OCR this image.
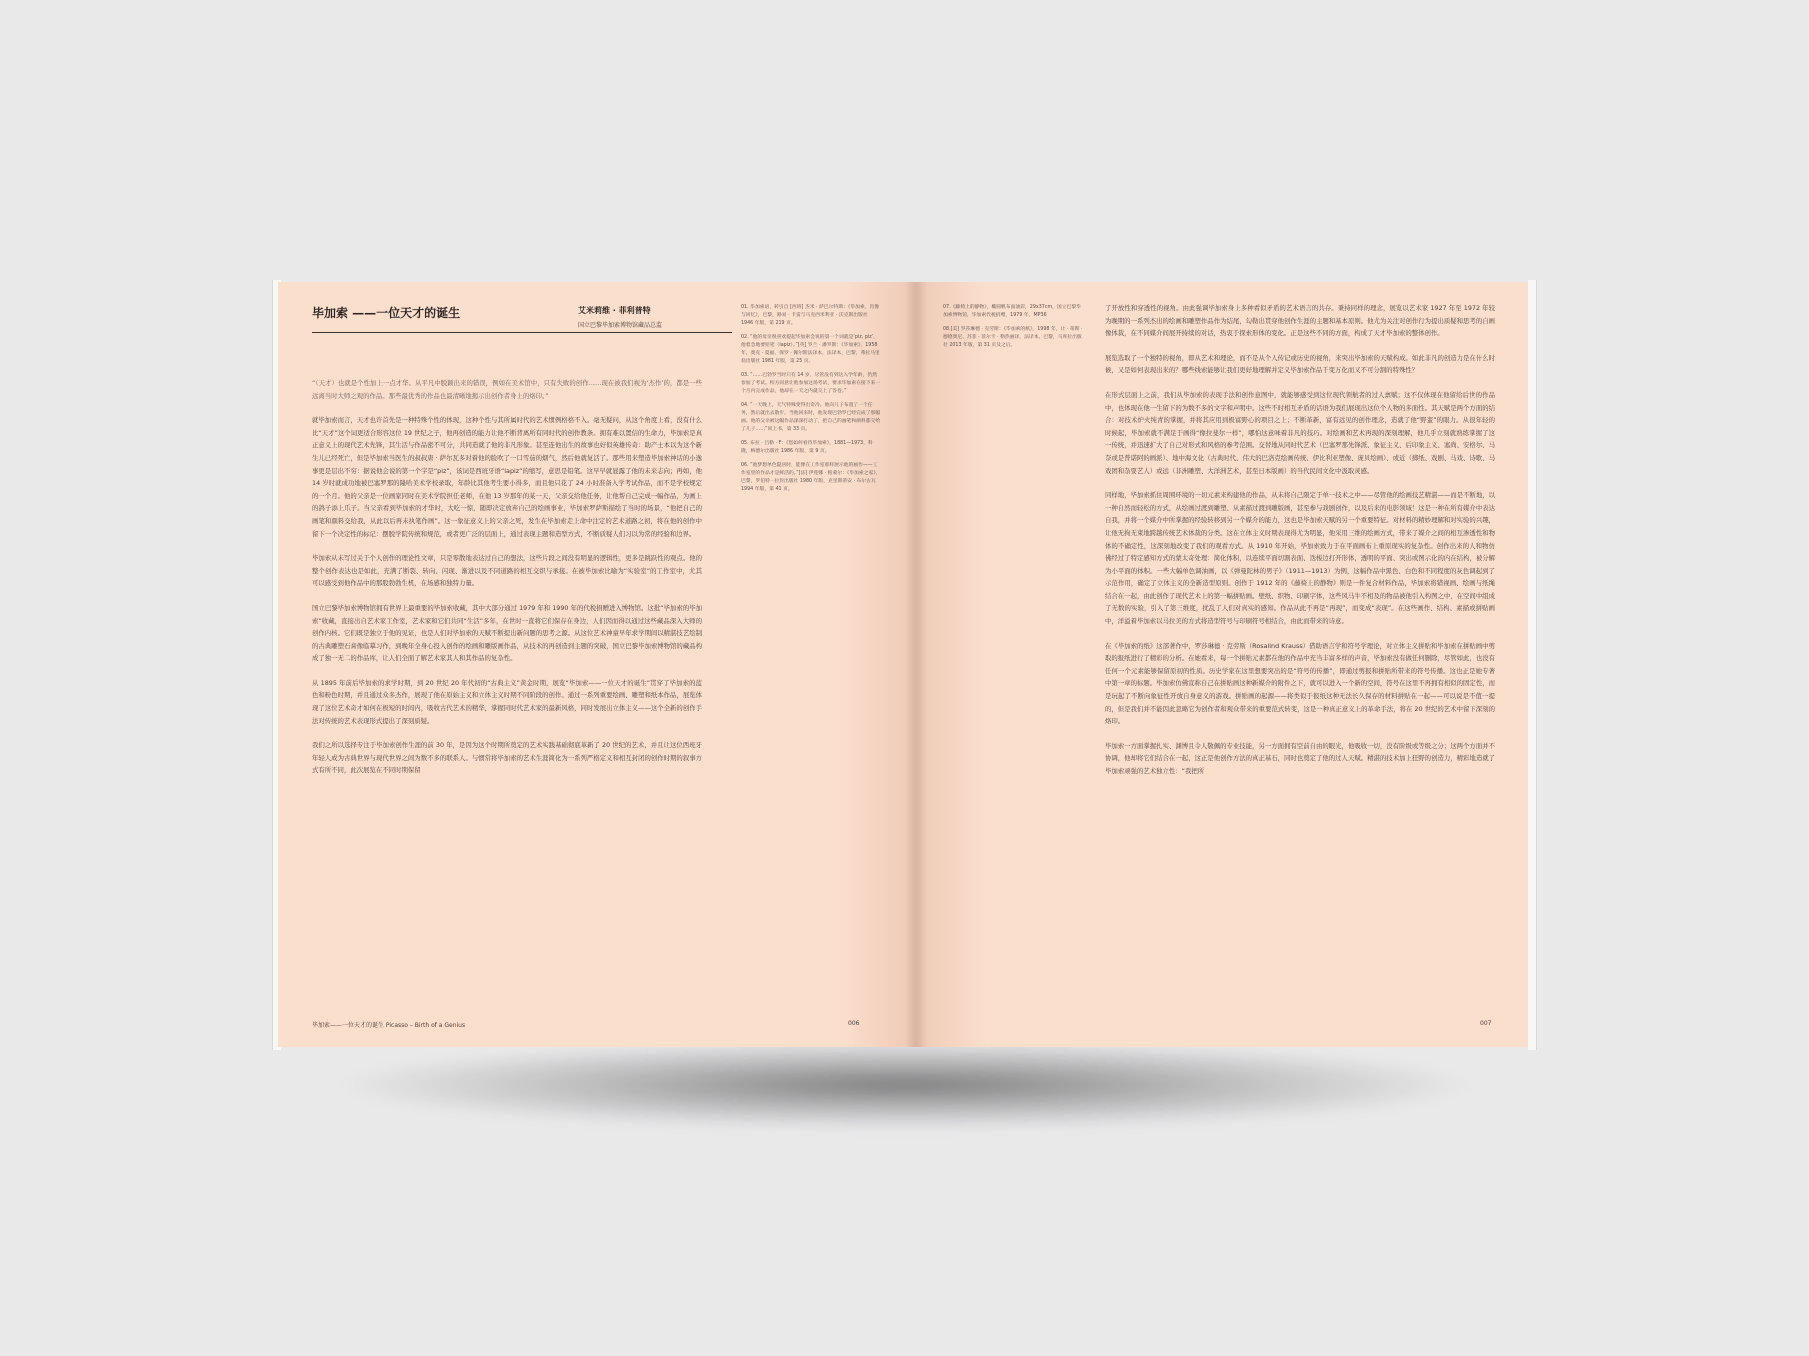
毕加索 ——一位天才的诞生	艾米莉维 · 菲利普特
国立巴黎毕加索博物馆藏品总监

“（天才）也就是个性加上一点才华。从平凡中脱颖出来的错误，例如在美术馆中，只有失败的创作……现在被我们视为‘杰作’的，都是一些远离当时大师之观的作品。那些最优秀的作品也最清晰地揭示出创作者身上的烙印。”

就毕加索而言，天才也许首先是一种特殊个性的体现，这种个性与其所属时代的艺术惯例格格不入。毫无疑问，从这个角度上看，没有什么比“天才”这个词更适合形容这位 19 世纪之子，他再创造的能力让他不断背离所有同时代的创作教条。拥有难以置信的生命力，毕加索是真正意义上的现代艺术先锋，其生活与作品密不可分，共同造就了他的非凡形象。甚至连他出生的故事也好似英雄传奇：助产士本以为这个新生儿已经死亡，但是毕加索当医生的叔叔唐 · 萨尔瓦多对着他的脸吹了一口雪茄的烟气，然后他就复活了。那些用来塑造毕加索神话的小逸事更是层出不穷：据说他会说的第一个字是“piz”，该词是西班牙语“lapiz”的缩写，意思是铅笔。这早早就显露了他的未来志向；再如，他 14 岁时就成功地被巴塞罗那的隆哈美术学校录取，年龄比其他考生要小得多，而且他只花了 24 小时准备入学考试作品，而不是学校规定的一个月。他的父亲是一位画家同时在美术学院担任老师，在他 13 岁那年的某一天，父亲交给他任务，让他帮自己完成一幅作品，为画上的鸽子添上爪子。当父亲看到毕加索的才华时，大吃一惊，随即决定放弃自己的绘画事业，毕加索罗萨斯描绘了当时的场景，“他把自己的画笔和颜料交给我，从此以后再未执笔作画”。这一象征意义上的父亲之死，发生在毕加索走上命中注定的艺术道路之初，将在他的创作中留下一个决定性的标记：摆脱学院传统和规范，或者更广泛的层面上，通过表现主题和造型方式，不断质疑人们习以为常的经验和边界。

毕加索从未写过关于个人创作的理论性文章，只是零散地表达过自己的想法，这些片段之间没有明显的逻辑性，更多是跳跃性的观点。他的整个创作表达也是如此，充满了断裂、转向、闪现、渐进以及不同道路的相互交织与承接。在被毕加索比喻为“实验室”的工作室中，尤其可以感受到他作品中的那股勃勃生机，在场感和独特力量。

国立巴黎毕加索博物馆拥有世界上最重要的毕加索收藏，其中大部分通过 1979 年和 1990 年的代税捐赠进入博物馆。这批“毕加索的毕加索”收藏，直接出自艺术家工作室，艺术家和它们共同“生活”多年，在世时一直将它们保存在身边，人们因而得以通过这些藏品深入大师的创作内核。它们既是独立于他的见证，也是人们对毕加索的天赋不断提出新问题的思考之源。从这位艺术神童早年求学期间以精湛技艺绘制的古典雕塑石膏像临摹习作，到晚年全身心投入创作的绘画和雕版画作品，从技术的再创造到主题的突破，国立巴黎毕加索博物馆的藏品构成了独一无二的作品库，让人们全面了解艺术家其人和其作品的复杂性。

从 1895 年前后毕加索的求学时期，到 20 世纪 20 年代初的“古典主义”黄金时期，展览“毕加索——一位天才的诞生”贯穿了毕加索的蓝色和粉色时期，并且通过众多杰作，展现了他在原始主义和立体主义时期不同阶段的创作。通过一系列重要绘画、雕塑和纸本作品，展览体现了这位艺术奇才如何在极短的时间内，吸收古代艺术的精华，掌握同时代艺术家的最新风格，同时发展出立体主义——这个全新的创作手法对传统的艺术表现形式提出了深刻质疑。

我们之所以选择专注于毕加索创作生涯的前 30 年，是因为这个时期所奠定的艺术实践基础彻底革新了 20 世纪的艺术，并且让这位西班牙年轻人成为古典世界与现代世界之间为数不多的联系人。与惯常将毕加索的艺术生涯简化为一系列严格定义和相互封闭的创作时期的叙事方式有所不同，此次展览在不同时期保留

01. 毕加索语，转引自 [西班] 杰米 · 萨巴尔特斯：《毕加索，肖像与回忆》，巴黎，路易 · 卡雷与马克西米利亚 · 沃克斯出版社 1946 年版，第 219 页。

02. “他的母亲很喜欢提起毕加索会说的第一个词就是‘piz, piz’，他着急地要铅笔（lapiz）。”[英] 罗兰 · 潘罗斯：《毕加索》，1958 年，奥克 · 夏福、保罗 · 佩尔斯法译本，法译本，巴黎，弗拉马里翁出版社 1981 年版，第 25 页。

03. “……巴勃罗当时只有 14 岁，尽管没有到达入学年龄，仍然参加了考试。校方同意让他参加这场考试，要求毕加索在接下来一个月内完成作品，他却在一天之内就交上了答卷。”

04. “一天晚上，天气特殊变得出奇冷。他向儿子布置了一个任务，然后就出去散步。当他回来时，他发现巴勃罗已经完成了那幅画。他的父亲被这幅作品深深打动了，把自己的画笔和颜料都交给了儿子……”同上书，第 33 页。

05. 布拉 · 吕勒 · F：《您如何看待毕加索》，1881—1973，科隆，梅德尔出版社 1986 年版，第 9 页。

06. “他梦想单色隐居时，能像在工作室那样展示他的画作——工作室里的作品才是鲜活的。”[法] 伊莲娜 · 帕蒙尔：《毕加索之家》，巴黎，罗伯特 · 拉封出版社 1980 年版，克里斯蒂安 · 布尔古瓦 1994 年版，第 41 页。

毕加索——一位天才的诞生 Picasso – Birth of a Genius	006

07.《藤椅上的静物》，椭圆帆布面油彩，29x37cm，国立巴黎毕加索博物馆，毕加索代税捐赠，1979 年，MP36

08.[美] 罗莎琳德 · 克劳斯：《毕加索的纸》，1998 年，让 · 蒂斯 · 德德奥尼、苏菲 · 菲尔卡 · 勒热丽译，法译本，巴黎，马库拉出版社 2013 年版，第 31 页及之后。

了开放性和穿透性的视角。由此强调毕加索身上多种看似矛盾的艺术语言的共存。秉持同样的理念，展览以艺术家 1927 年至 1972 年较为晚期的一系列杰出的绘画和雕塑作品作为结尾，勾勒出贯穿他创作生涯的主题和基本原则。他尤为关注对创作行为提出质疑和思考的自画像体裁，在不同媒介间展开持续的对话，热衷于探索形体的变化。正是这些不同的方面，构成了天才毕加索的整体创作。

展览选取了一个独特的视角，即从艺术和理论，而不是从个人传记或历史的视角，来突出毕加索的天赋构成。如此非凡的创造力是在什么时候，又是如何表现出来的？哪些线索能够让我们更好地理解并定义毕加索作品千变万化而又不可分割的特殊性？

在形式层面上之前，我们从毕加索的表现手法和创作意图中，就能够感受到这位现代领航者的过人禀赋；这不仅体现在他留给后世的作品中，也体现在他一生留下的为数不多的文字和声明中。这些不时相互矛盾的话语为我们展现出这位个人物的多面性。其天赋是两个方面的结合：对技术炉火纯青的掌握，并将其应用到极富野心的项目之上；不断革新，富有远见的创作理念，造就了他“野蛮”的眼力。从很年轻的时候起，毕加索就不满足于画得“像拉斐尔一样”，哪怕这意味着非凡的技巧。对绘画和艺术再现的深刻理解，他几乎立刻就熟练掌握了这一传统，并迅速扩大了自己对形式和风格的参考范围。交替地从同时代艺术（巴塞罗那先锋派、象征主义、后印象主义、塞尚、安格尔、马奈或是普诺阿的画派）、地中海文化（古典时代、伟大的巴洛克绘画传统、伊比利亚塑像、庞贝绘画）、或近（掷纸、戏剧、马戏、诗歌、马戏团和杂耍艺人）或远（非洲雕塑、大洋洲艺术，甚至日本版画）的当代民间文化中汲取灵感。

同样地，毕加索抓住周围环境的一切元素来构建他的作品，从未将自己限定于单一技术之中——尽管他的绘画技艺精湛——而是不断地，以一种自然而轻松的方式，从绘画过渡到雕塑、从素描过渡到雕版画，甚至参与戏剧创作，以及后来的电影领域！这是一种在所有媒介中表达自我，并将一个媒介中所掌握的经验转移到另一个媒介的能力，这也是毕加索天赋的另一个重要特征。对材料的精妙理解和对实验的兴趣，让他无拘无束地跨越传统艺术体裁的分类。这在立体主义时期表现得尤为明显，他采用三维的绘画方式，带来了媒介之间的相互渗透性和物体的不确定性，这深刻地改变了我们的观看方式。从 1910 年开始，毕加索致力于在平面画布上重原现实的复杂性。创作出来的人和物仿佛经过了特定感知方式的蒙太奇处理：简化体积，以连续平面切割表面、迭梭边打开形体，透明的平面、突出或图示化的内在结构，被分解为小平面的体积。一些大幅单色调油画，以《弹曼陀林的男子》（1911—1913）为例，这幅作品中黑色、白色和不同程度的灰色调起到了示范作用，确定了立体主义的全新造型原则。创作于 1912 年的《藤椅上的静物》则是一件复合材料作品，毕加索将错视画、绘画与纸绳结合在一起，由此创作了现代艺术上的第一幅拼贴画。壁纸、织物、印刷字体，这些风马牛不相及的物品被他引入构图之中，在空间中组成了无数的实验，引入了第三维度，扰乱了人们对真实的感知。作品从此不再是“再现”，而变成“表现”。在这些画作、结构、素描或拼贴画中，洋溢着毕加索以马拉美的方式将造型符号与印刷符号相结合，由此而带来的诗意。

在《毕加索的纸》这部著作中，罗莎琳德 · 克劳斯（Rosalind Krauss）借助语言学和符号学理论，对立体主义拼贴和毕加索在拼贴画中剪取的报纸进行了精彩的分析。在她看来，每一个拼贴元素都在他的作品中充当丰富多样的声音，毕加索没有做任何删除，尽管如此，也没有任何一个元素能够保留原初的性质。历史学家在这里想要突出的是“符号的传播”，即通过剪报和拼贴所带来的符号传播。这也正是她专著中第一章的标题。毕加索仿佛宣称自己在拼贴画这种新媒介的附件之下，就可以进入一个新的空间，符号在这里不再拥有相似的固定性，而是玩起了不断向象征性开放自身意义的游戏。拼贴画的起源——将类似于报纸这种无法长久保存的材料拼贴在一起——可以说是不值一提的，但是我们并不能因此忽略它为创作者和观众带来的重要范式转变，这是一种真正意义上的革命手法，将在 20 世纪的艺术中留下深刻的烙印。

毕加索一方面掌握扎实、渊博且令人敬佩的专业技能，另一方面拥有空前自由的眼光，他吸收一切，没有阶级或等级之分；这两个方面并不协调，他却将它们结合在一起，这正是他创作方法的真正基石，同时也奠定了他的过人天赋。精湛的技术加上狂野的创造力，精彩地造就了毕加索顽强的艺术独立性：“我把所

007
